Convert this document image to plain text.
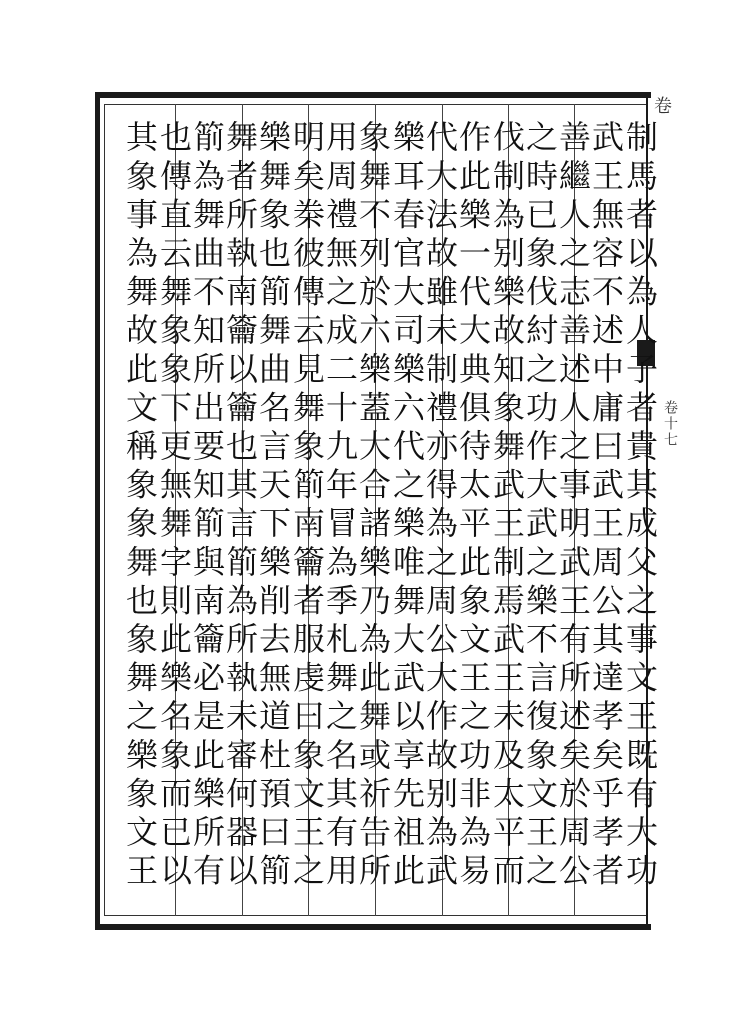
卷
卷十七
制馬者以為人子者貴其成父之事文王既有大功
武王無容不述中庸曰武王周公其達孝矣乎孝者
善繼人之志善述人之事明武王有所述矣於周公
之時已象伐紂之功作大武之樂不言復象文王之
伐制為别樂故知象舞武王制焉武王未及太平而
作此樂一代大典俱待太平此象文王之功非為易
代大法故雖未制禮亦得為之周公大作故别為武
樂耳春官大司樂六代之樂唯舞大武以享先祖此
象舞不列於六樂蓋大合諸樂乃為此舞或祈告所
用周禮無之成二十九年冒為季札舞之名其有用
明矣桊彼傳云見舞象箾南籥者服虔曰象文王之
樂舞象也箾舞曲名言天下樂削去無道杜預曰箾
舞者所執南籥以籥也其言箾為所執未審何器以
箾為舞曲不知所出要知箾與南籥必是此樂所有
也傳直云舞象象下更無舞字則此樂名象而已以
其象事為舞故此文稱象象舞也象舞之樂象文王
